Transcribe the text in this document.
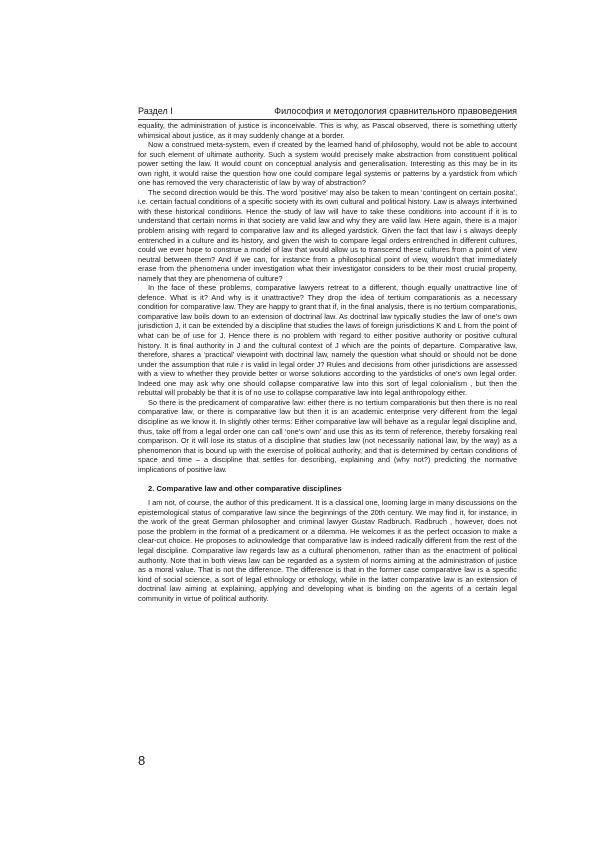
Раздел I	Философия и методология сравнительного правоведения

equality, the administration of justice is inconceivable. This is why, as Pascal observed, there is something utterly whimsical about justice, as it may suddenly change at a border.

Now a construed meta-system, even if created by the learned hand of philosophy, would not be able to account for such element of ultimate authority. Such a system would precisely make abstraction from constituent political power setting the law. It would count on conceptual analysis and generalisation. Interesting as this may be in its own right, it would raise the question how one could compare legal systems or patterns by a yardstick from which one has removed the very characteristic of law by way of abstraction?

The second direction would be this. The word ‘positive’ may also be taken to mean ‘contingent on certain posita’, i.e. certain factual conditions of a specific society with its own cultural and political history. Law is always intertwined with these historical conditions. Hence the study of law will have to take these conditions into account if it is to understand that certain norms in that society are valid law and why they are valid law. Here again, there is a major problem arising with regard to comparative law and its alleged yardstick. Given the fact that law i s always deeply entrenched in a culture and its history, and given the wish to compare legal orders entrenched in different cultures, could we ever hope to construe a model of law that would allow us to transcend these cultures from a point of view neutral between them? And if we can, for instance from a philosophical point of view, wouldn’t that immediately erase from the phenomena under investigation what their investigator considers to be their most crucial property, namely that they are phenomena of culture?

In the face of these problems, comparative lawyers retreat to a different, though equally unattractive line of defence. What is it? And why is it unattractive? They drop the idea of tertium comparationis as a necessary condition for comparative law. They are happy to grant that if, in the final analysis, there is no tertium comparationis, comparative law boils down to an extension of doctrinal law. As doctrinal law typically studies the law of one’s own jurisdiction J, it can be extended by a discipline that studies the laws of foreign jurisdictions K and L from the point of what can be of use for J. Hence there is no problem with regard to either positive authority or positive cultural history. It is final authority in J and the cultural context of J which are the points of departure. Comparative law, therefore, shares a ‘practical’ viewpoint with doctrinal law, namely the question what should or should not be done under the assumption that rule r is valid in legal order J? Rules and decisions from other jurisdictions are assessed with a view to whether they provide better or worse solutions according to the yardsticks of one’s own legal order. Indeed one may ask why one should collapse comparative law into this sort of legal colonialism , but then the rebuttal will probably be that it is of no use to collapse comparative law into legal anthropology either.

So there is the predicament of comparative law: either there is no tertium comparationis but then there is no real comparative law, or there is comparative law but then it is an academic enterprise very different from the legal discipline as we know it. In slightly other terms: Either comparative law will behave as a regular legal discipline and, thus, take off from a legal order one can call ‘one’s own’ and use this as its term of reference, thereby forsaking real comparison. Or it will lose its status of a discipline that studies law (not necessarily national law, by the way) as a phenomenon that is bound up with the exercise of political authority, and that is determined by certain conditions of space and time – a discipline that settles for describing, explaining and (why not?) predicting the normative implications of positive law.

2. Comparative law and other comparative disciplines

I am not, of course, the author of this predicament. It is a classical one, looming large in many discussions on the epistemological status of comparative law since the beginnings of the 20th century. We may find it, for instance, in the work of the great German philosopher and criminal lawyer Gustav Radbruch. Radbruch , however, does not pose the problem in the format of a predicament or a dilemma. He welcomes it as the perfect occasion to make a clear-cut choice. He proposes to acknowledge that comparative law is indeed radically different from the rest of the legal discipline. Comparative law regards law as a cultural phenomenon, rather than as the enactment of political authority. Note that in both views law can be regarded as a system of norms aiming at the administration of justice as a moral value. That is not the difference. The difference is that in the former case comparative law is a specific kind of social science, a sort of legal ethnology or ethology, while in the latter comparative law is an extension of doctrinal law aiming at explaining, applying and developing what is binding on the agents of a certain legal community in virtue of political authority.

8
